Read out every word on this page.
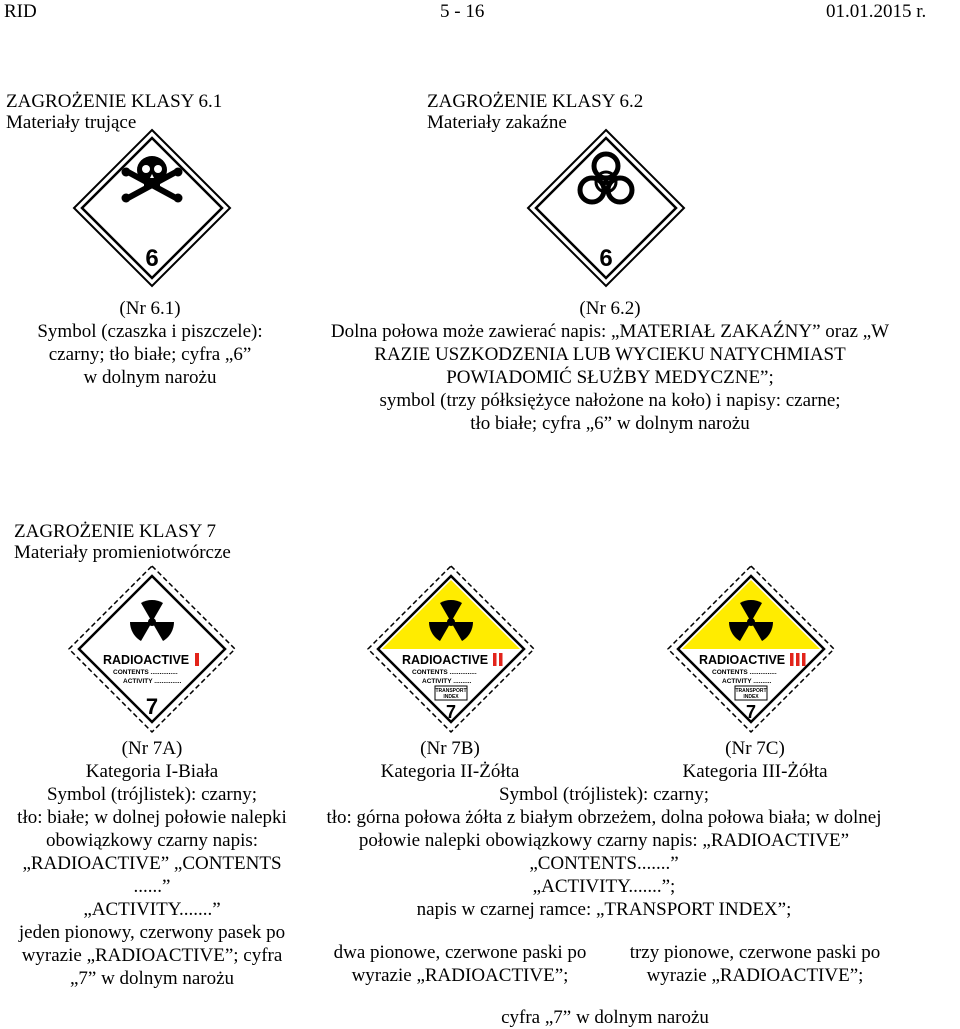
RID	5 - 16	01.01.2015 r.
ZAGROŻENIE KLASY 6.1
Materiały trujące
6
(Nr 6.1)
Symbol (czaszka i piszczele):
czarny; tło białe; cyfra „6”
w dolnym narożu
ZAGROŻENIE KLASY 6.2
Materiały zakaźne
6
(Nr 6.2)
Dolna połowa może zawierać napis: „MATERIAŁ ZAKAŹNY” oraz „W
RAZIE USZKODZENIA LUB WYCIEKU NATYCHMIAST
POWIADOMIĆ SŁUŻBY MEDYCZNE”;
symbol (trzy półksiężyce nałożone na koło) i napisy: czarne;
tło białe; cyfra „6” w dolnym narożu
ZAGROŻENIE KLASY 7
Materiały promieniotwórcze
RADIOACTIVE
CONTENTS ...............
ACTIVITY ...............
7
RADIOACTIVE
CONTENTS ...............
ACTIVITY ..........
TRANSPORT
INDEX
7
RADIOACTIVE
CONTENTS ...............
ACTIVITY ..........
TRANSPORT
INDEX
7
(Nr 7A)
Kategoria I-Biała
Symbol (trójlistek): czarny;
tło: białe; w dolnej połowie nalepki
obowiązkowy czarny napis:
„RADIOACTIVE” „CONTENTS
......”
„ACTIVITY.......”
jeden pionowy, czerwony pasek po
wyrazie „RADIOACTIVE”; cyfra
„7” w dolnym narożu
(Nr 7B)
Kategoria II-Żółta
(Nr 7C)
Kategoria III-Żółta
Symbol (trójlistek): czarny;
tło: górna połowa żółta z białym obrzeżem, dolna połowa biała; w dolnej
połowie nalepki obowiązkowy czarny napis: „RADIOACTIVE”
„CONTENTS.......”
„ACTIVITY.......”;
napis w czarnej ramce: „TRANSPORT INDEX”;
dwa pionowe, czerwone paski po
wyrazie „RADIOACTIVE”;
trzy pionowe, czerwone paski po
wyrazie „RADIOACTIVE”;
cyfra „7” w dolnym narożu
